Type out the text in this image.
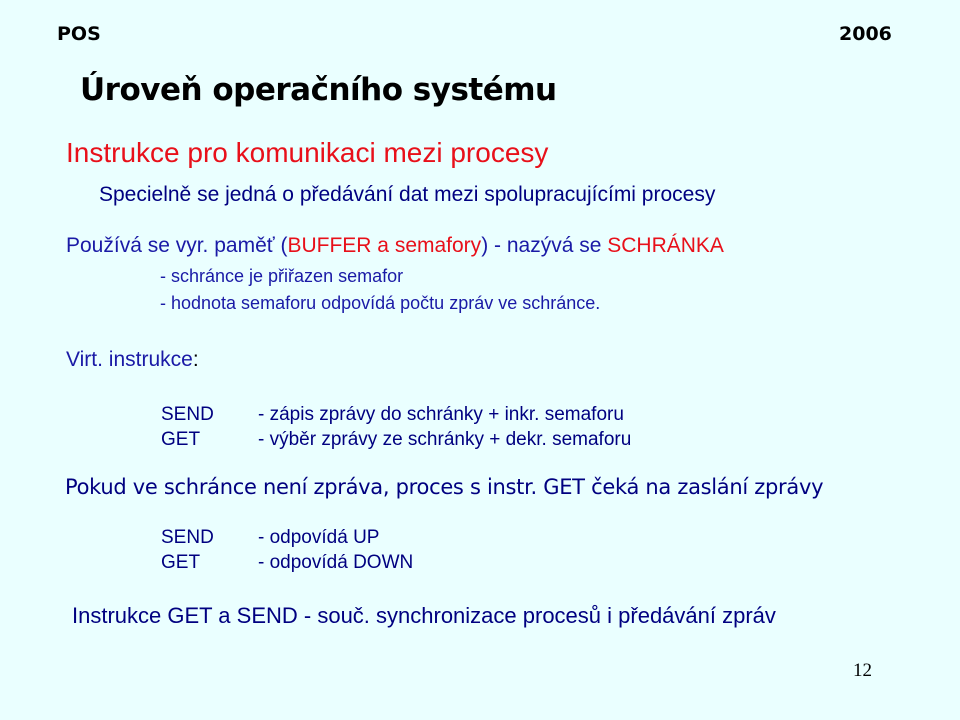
POS	2006
Úroveň operačního systému
Instrukce pro komunikaci mezi procesy
Specielně se jedná o předávání dat mezi spolupracujícími procesy
Používá se vyr. paměť (BUFFER a semafory) - nazývá se SCHRÁNKA
- schránce je přiřazen semafor
- hodnota semaforu odpovídá počtu zpráv ve schránce.
Virt. instrukce:
SEND - zápis zprávy do schránky + inkr. semaforu
GET	- výběr zprávy ze schránky + dekr. semaforu
Pokud ve schránce není zpráva, proces s instr. GET čeká na zaslání zprávy
SEND - odpovídá UP
GET	- odpovídá DOWN
Instrukce GET a SEND - souč. synchronizace procesů i předávání zpráv
12
